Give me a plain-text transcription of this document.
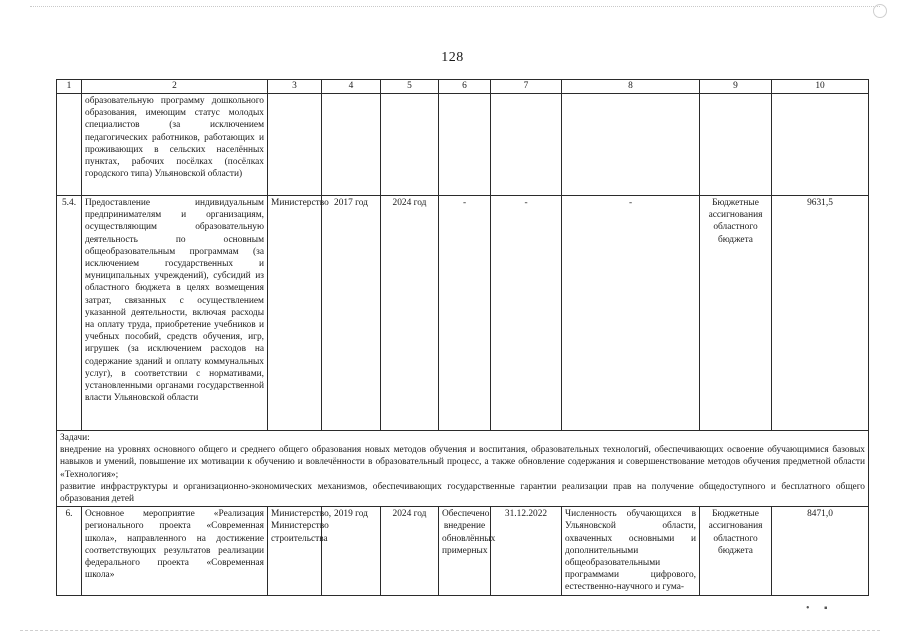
128
1	2	3	4	5	6	7	8	9	10
	образовательную программу дошкольного образования, имеющим статус молодых специалистов (за исключением педагогических работников, работающих и проживающих в сельских населённых пунктах, рабочих посёлках (посёлках городского типа) Ульяновской области)								
5.4.	Предоставление индивидуальным предпринимателям и организациям, осуществляющим образовательную деятельность по основным общеобразовательным программам (за исключением государственных и муниципальных учреждений), субсидий из областного бюджета в целях возмещения затрат, связанных с осуществлением указанной деятельности, включая расходы на оплату труда, приобретение учебников и учебных пособий, средств обучения, игр, игрушек (за исключением расходов на содержание зданий и оплату коммунальных услуг), в соответствии с нормативами, установленными органами государственной власти Ульяновской области	Министерство	2017 год	2024 год	-	-	-	Бюджетные ассигнования областного бюджета	9631,5

Задачи:
внедрение на уровнях основного общего и среднего общего образования новых методов обучения и воспитания, образовательных технологий, обеспечивающих освоение обучающимися базовых навыков и умений, повышение их мотивации к обучению и вовлечённости в образовательный процесс, а также обновление содержания и совершенствование методов обучения предметной области «Технология»;
развитие инфраструктуры и организационно-экономических механизмов, обеспечивающих государственные гарантии реализации прав на получение общедоступного и бесплатного общего образования детей									

6.	Основное мероприятие «Реализация регионального проекта «Современная школа», направленного на достижение соответствующих результатов реализации федерального проекта «Современная школа»	Министерство, Министерство строительства	2019 год	2024 год	Обеспечено внедрение обновлённых примерных	31.12.2022	Численность обучающихся в Ульяновской области, охваченных основными и дополнительными общеобразовательными программами цифрового, естественно-научного и гума-	Бюджетные ассигнования областного бюджета	8471,0
• ▪
